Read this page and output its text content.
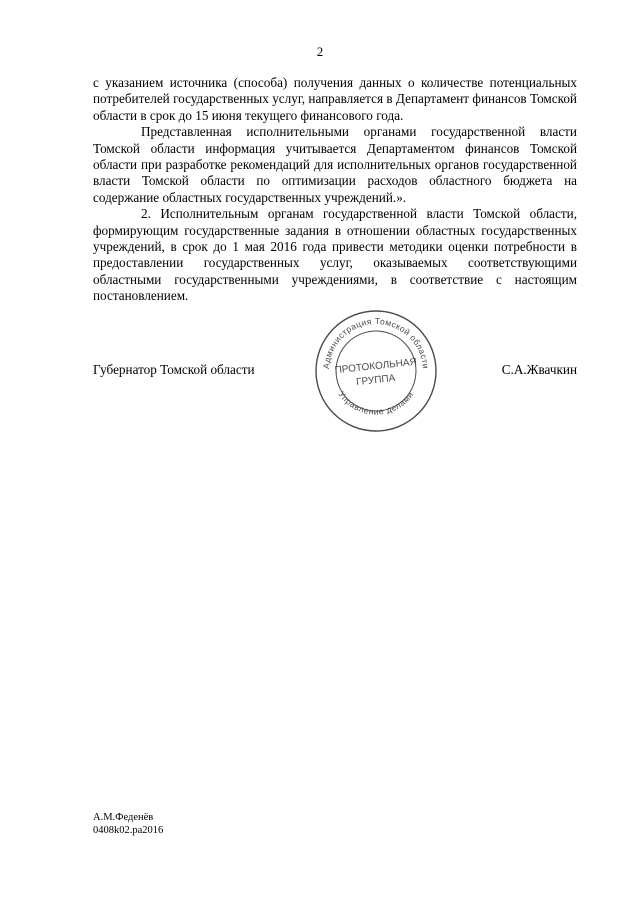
2

с указанием источника (способа) получения данных о количестве потенциальных потребителей государственных услуг, направляется в Департамент финансов Томской области в срок до 15 июня текущего финансового года.

Представленная исполнительными органами государственной власти Томской области информация учитывается Департаментом финансов Томской области при разработке рекомендаций для исполнительных органов государственной власти Томской области по оптимизации расходов областного бюджета на содержание областных государственных учреждений.».

2. Исполнительным органам государственной власти Томской области, формирующим государственные задания в отношении областных государственных учреждений, в срок до 1 мая 2016 года привести методики оценки потребности в предоставлении государственных услуг, оказываемых соответствующими областными государственными учреждениями, в соответствие с настоящим постановлением.

Губернатор Томской области	С.А.Жвачкин
Администрация Томской области
Управление делами
ПРОТОКОЛЬНАЯ
ГРУППА
А.М.Феденёв
0408k02.pa2016
